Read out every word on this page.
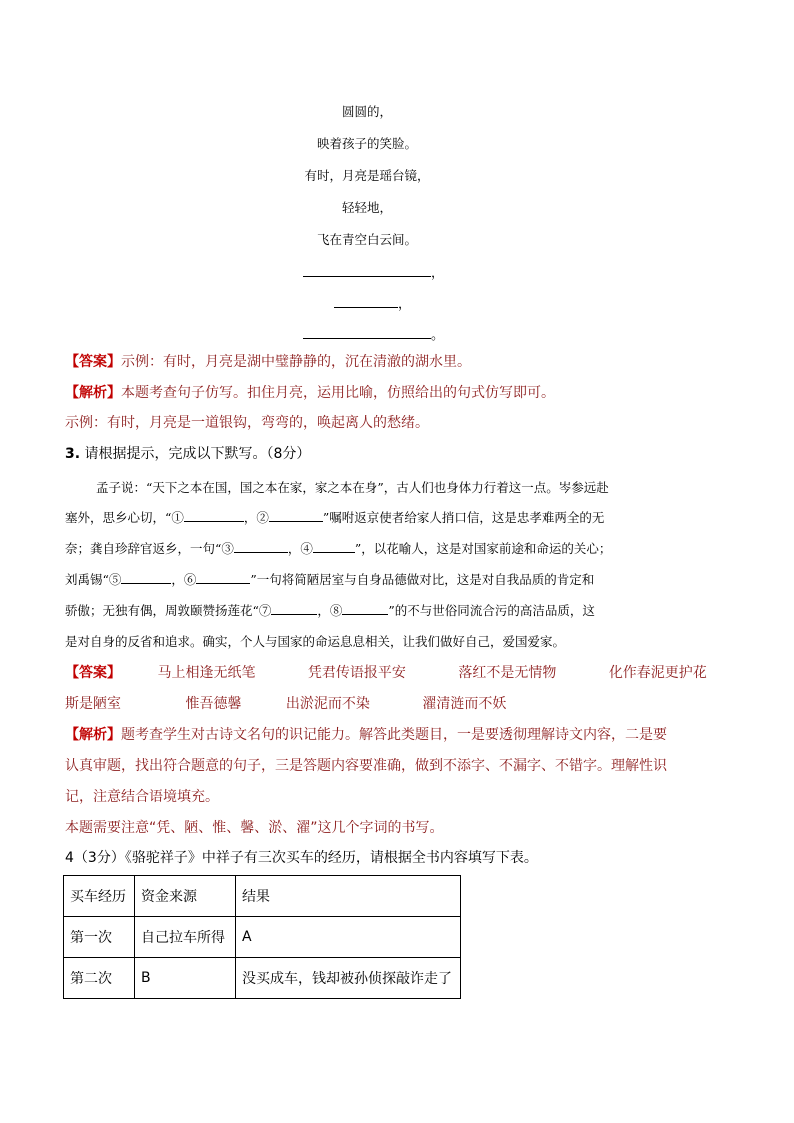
圆圆的，
映着孩子的笑脸。
有时，月亮是瑶台镜，
轻轻地，
飞在青空白云间。
，
，
。
【答案】示例：有时，月亮是湖中璧静静的，沉在清澈的湖水里。
【解析】本题考查句子仿写。扣住月亮，运用比喻，仿照给出的句式仿写即可。
示例：有时，月亮是一道银钩，弯弯的，唤起离人的愁绪。
3. 请根据提示，完成以下默写。（8分）
孟子说：“天下之本在国，国之本在家，家之本在身”，古人们也身体力行着这一点。岑参远赴
塞外，思乡心切，“①	，②	”嘱咐返京使者给家人捎口信，这是忠孝难两全的无
奈；龚自珍辞官返乡，一句“③	，④	”，以花喻人，这是对国家前途和命运的关心；
刘禹锡“⑤	，⑥	”一句将简陋居室与自身品德做对比，这是对自我品质的肯定和
骄傲；无独有偶，周敦颐赞扬莲花“⑦	，⑧	”的不与世俗同流合污的高洁品质，这
是对自身的反省和追求。确实，个人与国家的命运息息相关，让我们做好自己，爱国爱家。
【答案】	马上相逢无纸笔	凭君传语报平安	落红不是无情物	化作春泥更护花
斯是陋室	惟吾德馨	出淤泥而不染	濯清涟而不妖
【解析】题考查学生对古诗文名句的识记能力。解答此类题目，一是要透彻理解诗文内容，二是要
认真审题，找出符合题意的句子，三是答题内容要准确，做到不添字、不漏字、不错字。理解性识
记，注意结合语境填充。
本题需要注意“凭、陋、惟、馨、淤、濯”这几个字词的书写。
4（3分）《骆驼祥子》中祥子有三次买车的经历，请根据全书内容填写下表。
买车经历	资金来源	结果
第一次	自己拉车所得	A
第二次	B	没买成车，钱却被孙侦探敲诈走了
